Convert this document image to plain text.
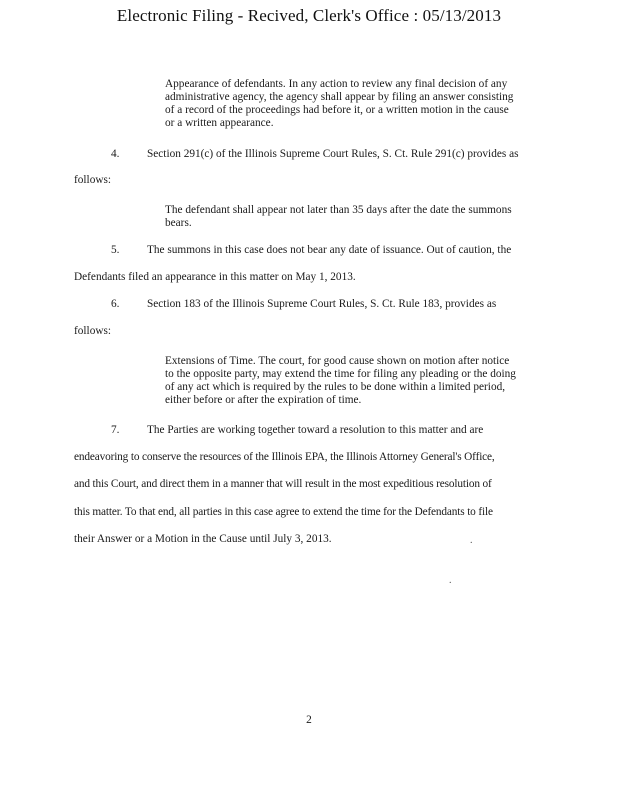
Electronic Filing - Recived, Clerk's Office : 05/13/2013
Appearance of defendants. In any action to review any final decision of any
administrative agency, the agency shall appear by filing an answer consisting
of a record of the proceedings had before it, or a written motion in the cause
or a written appearance.
4. Section 291(c) of the Illinois Supreme Court Rules, S. Ct. Rule 291(c) provides as
follows:
The defendant shall appear not later than 35 days after the date the summons
bears.
5. The summons in this case does not bear any date of issuance. Out of caution, the
Defendants filed an appearance in this matter on May 1, 2013.
6. Section 183 of the Illinois Supreme Court Rules, S. Ct. Rule 183, provides as
follows:
Extensions of Time. The court, for good cause shown on motion after notice
to the opposite party, may extend the time for filing any pleading or the doing
of any act which is required by the rules to be done within a limited period,
either before or after the expiration of time.
7. The Parties are working together toward a resolution to this matter and are
endeavoring to conserve the resources of the Illinois EPA, the Illinois Attorney General's Office,
and this Court, and direct them in a manner that will result in the most expeditious resolution of
this matter. To that end, all parties in this case agree to extend the time for the Defendants to file
their Answer or a Motion in the Cause until July 3, 2013.	.
.
2
